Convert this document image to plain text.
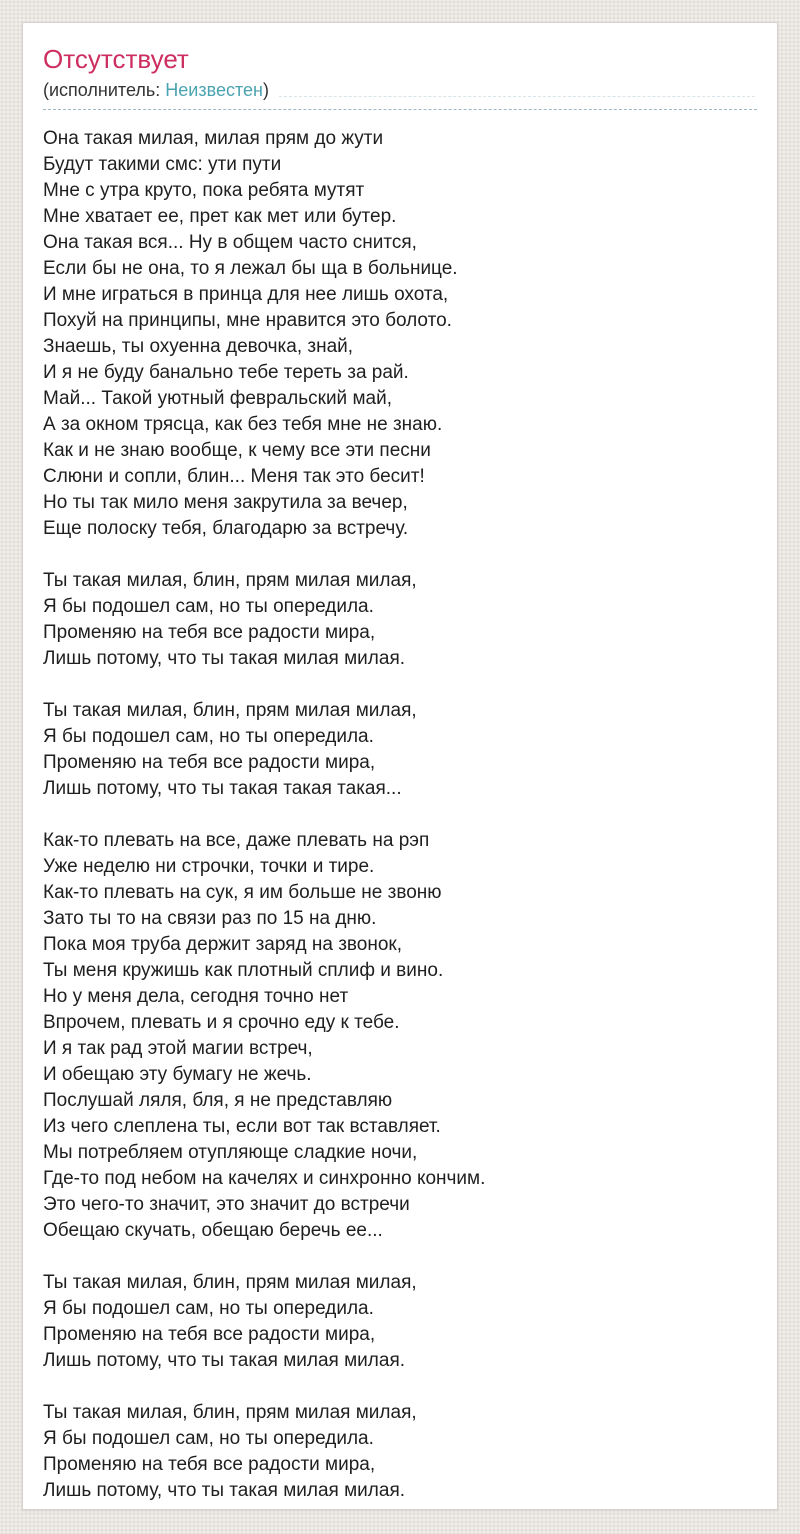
Отсутствует
(исполнитель:
Неизвестен )

Она такая милая, милая прям до жути
Будут такими смс: ути пути
Мне с утра круто, пока ребята мутят
Мне хватает ее, прет как мет или бутер.
Она такая вся... Ну в общем часто снится,
Если бы не она, то я лежал бы ща в больнице.
И мне играться в принца для нее лишь охота,
Похуй на принципы, мне нравится это болото.
Знаешь, ты охуенна девочка, знай,
И я не буду банально тебе тереть за рай.
Май... Такой уютный февральский май,
А за окном трясца, как без тебя мне не знаю.
Как и не знаю вообще, к чему все эти песни
Слюни и сопли, блин... Меня так это бесит!
Но ты так мило меня закрутила за вечер,
Еще полоску тебя, благодарю за встречу.

Ты такая милая, блин, прям милая милая,
Я бы подошел сам, но ты опередила.
Променяю на тебя все радости мира,
Лишь потому, что ты такая милая милая.

Ты такая милая, блин, прям милая милая,
Я бы подошел сам, но ты опередила.
Променяю на тебя все радости мира,
Лишь потому, что ты такая такая такая...

Как-то плевать на все, даже плевать на рэп
Уже неделю ни строчки, точки и тире.
Как-то плевать на сук, я им больше не звоню
Зато ты то на связи раз по 15 на дню.
Пока моя труба держит заряд на звонок,
Ты меня кружишь как плотный сплиф и вино.
Но у меня дела, сегодня точно нет
Впрочем, плевать и я срочно еду к тебе.
И я так рад этой магии встреч,
И обещаю эту бумагу не жечь.
Послушай ляля, бля, я не представляю
Из чего слеплена ты, если вот так вставляет.
Мы потребляем отупляюще сладкие ночи,
Где-то под небом на качелях и синхронно кончим.
Это чего-то значит, это значит до встречи
Обещаю скучать, обещаю беречь ее...

Ты такая милая, блин, прям милая милая,
Я бы подошел сам, но ты опередила.
Променяю на тебя все радости мира,
Лишь потому, что ты такая милая милая.

Ты такая милая, блин, прям милая милая,
Я бы подошел сам, но ты опередила.
Променяю на тебя все радости мира,
Лишь потому, что ты такая милая милая.
